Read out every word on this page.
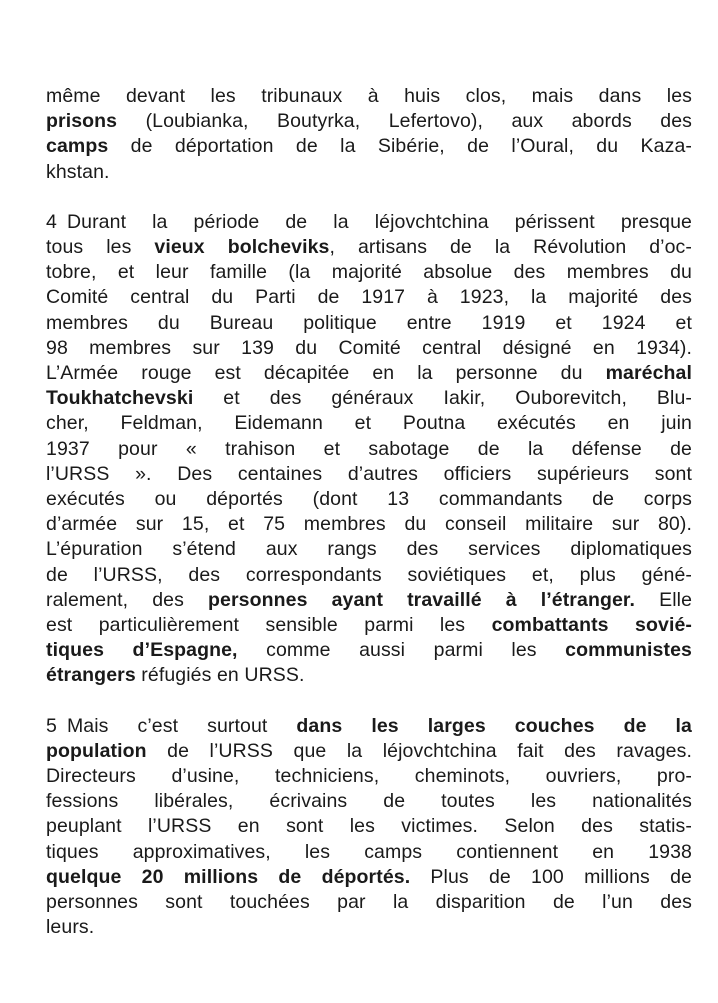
même devant les tribunaux à huis clos, mais dans les
prisons (Loubianka, Boutyrka, Lefertovo), aux abords des
camps de déportation de la Sibérie, de l’Oural, du Kaza-
khstan.
4 Durant la période de la léjovchtchina périssent presque
tous les vieux bolcheviks, artisans de la Révolution d’oc-
tobre, et leur famille (la majorité absolue des membres du
Comité central du Parti de 1917 à 1923, la majorité des
membres du Bureau politique entre 1919 et 1924 et
98 membres sur 139 du Comité central désigné en 1934).
L’Armée rouge est décapitée en la personne du maréchal
Toukhatchevski et des généraux Iakir, Ouborevitch, Blu-
cher, Feldman, Eidemann et Poutna exécutés en juin
1937 pour « trahison et sabotage de la défense de
l’URSS ». Des centaines d’autres officiers supérieurs sont
exécutés ou déportés (dont 13 commandants de corps
d’armée sur 15, et 75 membres du conseil militaire sur 80).
L’épuration s’étend aux rangs des services diplomatiques
de l’URSS, des correspondants soviétiques et, plus géné-
ralement, des personnes ayant travaillé à l’étranger. Elle
est particulièrement sensible parmi les combattants sovié-
tiques d’Espagne, comme aussi parmi les communistes
étrangers réfugiés en URSS.
5 Mais c’est surtout dans les larges couches de la
population de l’URSS que la léjovchtchina fait des ravages.
Directeurs d’usine, techniciens, cheminots, ouvriers, pro-
fessions libérales, écrivains de toutes les nationalités
peuplant l’URSS en sont les victimes. Selon des statis-
tiques approximatives, les camps contiennent en 1938
quelque 20 millions de déportés. Plus de 100 millions de
personnes sont touchées par la disparition de l’un des
leurs.
